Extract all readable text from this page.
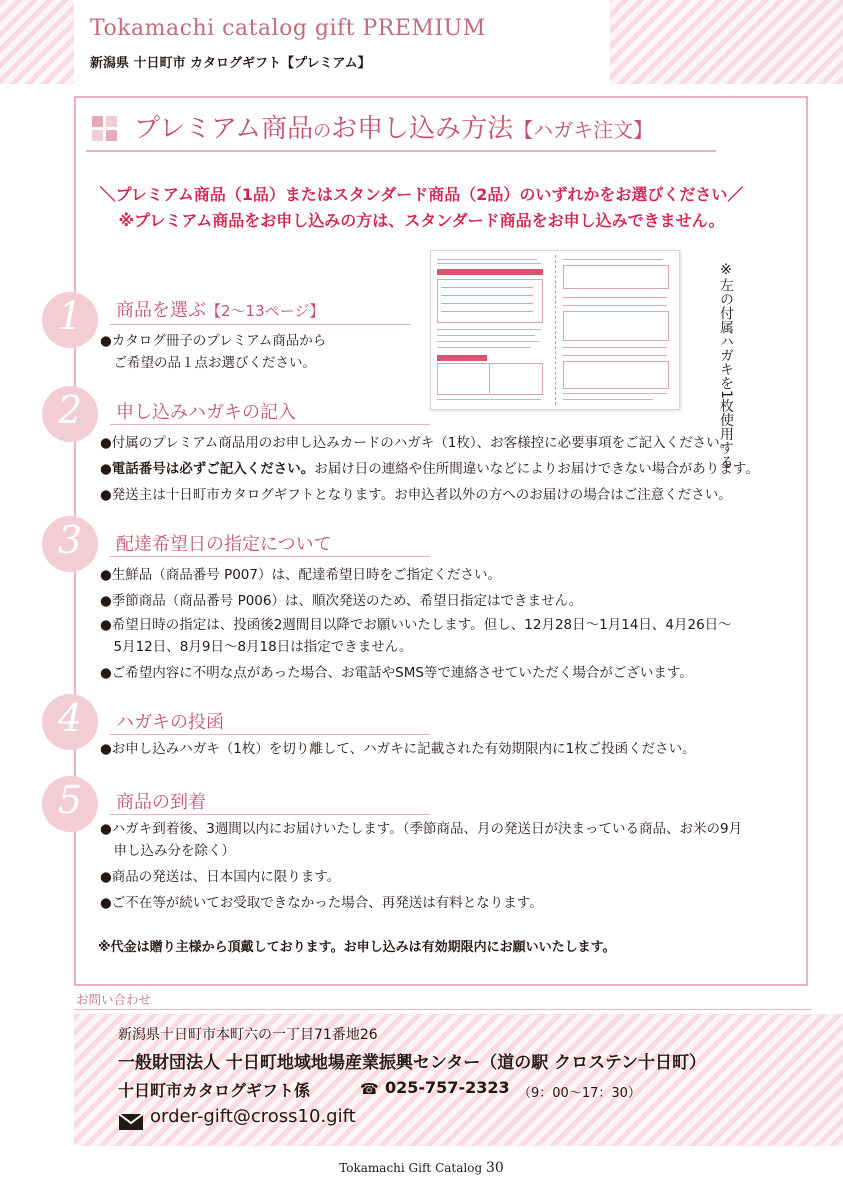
Tokamachi catalog gift PREMIUM
新潟県 十日町市 カタログギフト【プレミアム】
プレミアム商品のお申し込み方法【ハガキ注文】
＼プレミアム商品（1品）またはスタンダード商品（2品）のいずれかをお選びください／
※プレミアム商品をお申し込みの方は、スタンダード商品をお申し込みできません。
※左の付属ハガキを1枚使用する
1	商品を選ぶ【2～13ページ】
●カタログ冊子のプレミアム商品から
　ご希望の品１点お選びください。
2	申し込みハガキの記入
●付属のプレミアム商品用のお申し込みカードのハガキ（1枚）、お客様控に必要事項をご記入ください。
●電話番号は必ずご記入ください。お届け日の連絡や住所間違いなどによりお届けできない場合があります。
●発送主は十日町市カタログギフトとなります。お申込者以外の方へのお届けの場合はご注意ください。
3	配達希望日の指定について
●生鮮品（商品番号 P007）は、配達希望日時をご指定ください。
●季節商品（商品番号 P006）は、順次発送のため、希望日指定はできません。
●希望日時の指定は、投函後2週間目以降でお願いいたします。但し、12月28日～1月14日、4月26日～
　5月12日、8月9日～8月18日は指定できません。
●ご希望内容に不明な点があった場合、お電話やSMS等で連絡させていただく場合がございます。
4	ハガキの投函
●お申し込みハガキ（1枚）を切り離して、ハガキに記載された有効期限内に1枚ご投函ください。
5	商品の到着
●ハガキ到着後、3週間以内にお届けいたします。（季節商品、月の発送日が決まっている商品、お米の9月
　申し込み分を除く）
●商品の発送は、日本国内に限ります。
●ご不在等が続いてお受取できなかった場合、再発送は有料となります。
※代金は贈り主様から頂戴しております。お申し込みは有効期限内にお願いいたします。
お問い合わせ
新潟県十日町市本町六の一丁目71番地26
一般財団法人 十日町地域地場産業振興センター（道の駅 クロステン十日町）
十日町市カタログギフト係	☎ 025-757-2323 （9：00～17：30）
order-gift@cross10.gift
Tokamachi Gift Catalog 30
